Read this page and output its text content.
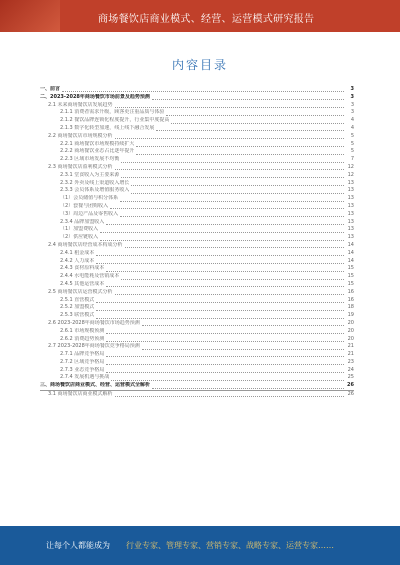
商场餐饮店商业模式、经营、运营模式研究报告
内容目录
一、前言	3
二、2023-2028年商场餐饮市场前景及趋势预测	3
2.1 未来商场餐饮店发展趋势	3
2.1.1 消费者需求升级，顾客更注重品质与体验	3
2.1.2 餐饮品牌连锁化程度提升，行业集中度提高	4
2.1.3 数字化转型加速，线上线下融合发展	4
2.2 商场餐饮店市场规模分析	5
2.2.1 商场餐饮市场规模持续扩大	5
2.2.2 商场餐饮业态占比逐年提升	5
2.2.3 区域市场发展不均衡	7
2.3 商场餐饮店盈利模式分析	12
2.3.1 堂食收入为主要来源	12
2.3.2 外卖及线上渠道收入增长	13
2.3.3 会员体系及增值服务收入	13
（1）会员储值与积分体系	13
（2）套餐与团购收入	13
（3）周边产品及零售收入	13
2.3.4 品牌加盟收入	13
（1）加盟费收入	13
（2）供应链收入	13
2.4 商场餐饮店经营成本构成分析	14
2.4.1 租金成本	14
2.4.2 人力成本	14
2.4.3 食材原料成本	15
2.4.4 水电能耗及营销成本	15
2.4.5 其他运营成本	15
2.5 商场餐饮店运营模式分析	16
2.5.1 直营模式	16
2.5.2 加盟模式	18
2.5.3 联营模式	19
2.6 2023-2028年商场餐饮市场趋势预测	20
2.6.1 市场规模预测	20
2.6.2 消费趋势预测	20
2.7 2023-2028年商场餐饮竞争格局预测	21
2.7.1 品牌竞争格局	21
2.7.2 区域竞争格局	23
2.7.3 业态竞争格局	24
2.7.4 发展机遇与挑战	25
三、商场餐饮店商业模式、经营、运营模式全解析	26
3.1 商场餐饮店商业模式解析	26
让每个人都能成为 行业专家、管理专家、营销专家、战略专家、运营专家……
